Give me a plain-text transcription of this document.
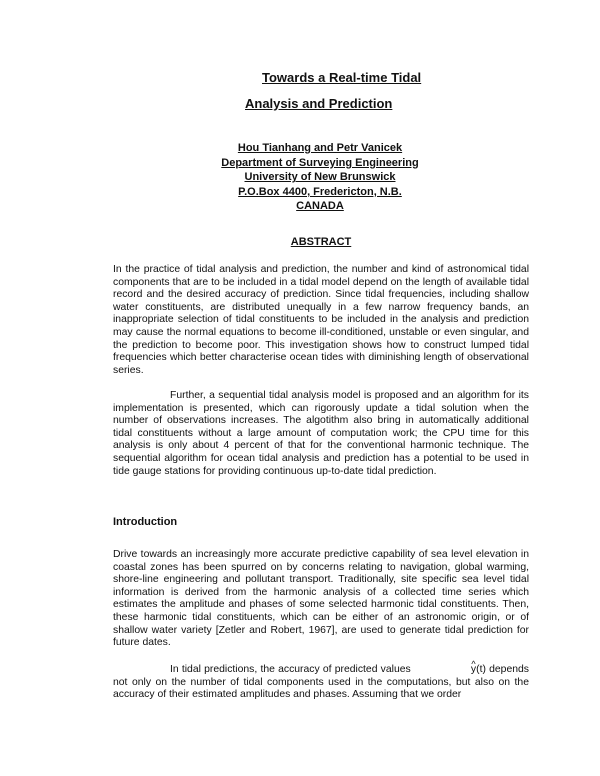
Towards a Real-time Tidal
Analysis and Prediction
Hou Tianhang and Petr Vanicek
Department of Surveying Engineering
University of New Brunswick
P.O.Box 4400, Fredericton, N.B.
CANADA
ABSTRACT

In the practice of tidal analysis and prediction, the number and kind of astronomical tidal components that are to be included in a tidal model depend on the length of available tidal record and the desired accuracy of prediction. Since tidal frequencies, including shallow water constituents, are distributed unequally in a few narrow frequency bands, an inappropriate selection of tidal constituents to be included in the analysis and prediction may cause the normal equations to become ill-conditioned, unstable or even singular, and the prediction to become poor. This investigation shows how to construct lumped tidal frequencies which better characterise ocean tides with diminishing length of observational series.

Further, a sequential tidal analysis model is proposed and an algorithm for its implementation is presented, which can rigorously update a tidal solution when the number of observations increases. The algotithm also bring in automatically additional tidal constituents without a large amount of computation work; the CPU time for this analysis is only about 4 percent of that for the conventional harmonic technique. The sequential algorithm for ocean tidal analysis and prediction has a potential to be used in tide gauge stations for providing continuous up-to-date tidal prediction.

Introduction

Drive towards an increasingly more accurate predictive capability of sea level elevation in coastal zones has been spurred on by concerns relating to navigation, global warming, shore-line engineering and pollutant transport. Traditionally, site specific sea level tidal information is derived from the harmonic analysis of a collected time series which estimates the amplitude and phases of some selected harmonic tidal constituents. Then, these harmonic tidal constituents, which can be either of an astronomic origin, or of shallow water variety [Zetler and Robert, 1967], are used to generate tidal prediction for future dates.

In tidal predictions, the accuracy of predicted values ^	y(t) depends not only on the number of tidal components used in the computations, but also on the accuracy of their estimated amplitudes and phases. Assuming that we order
